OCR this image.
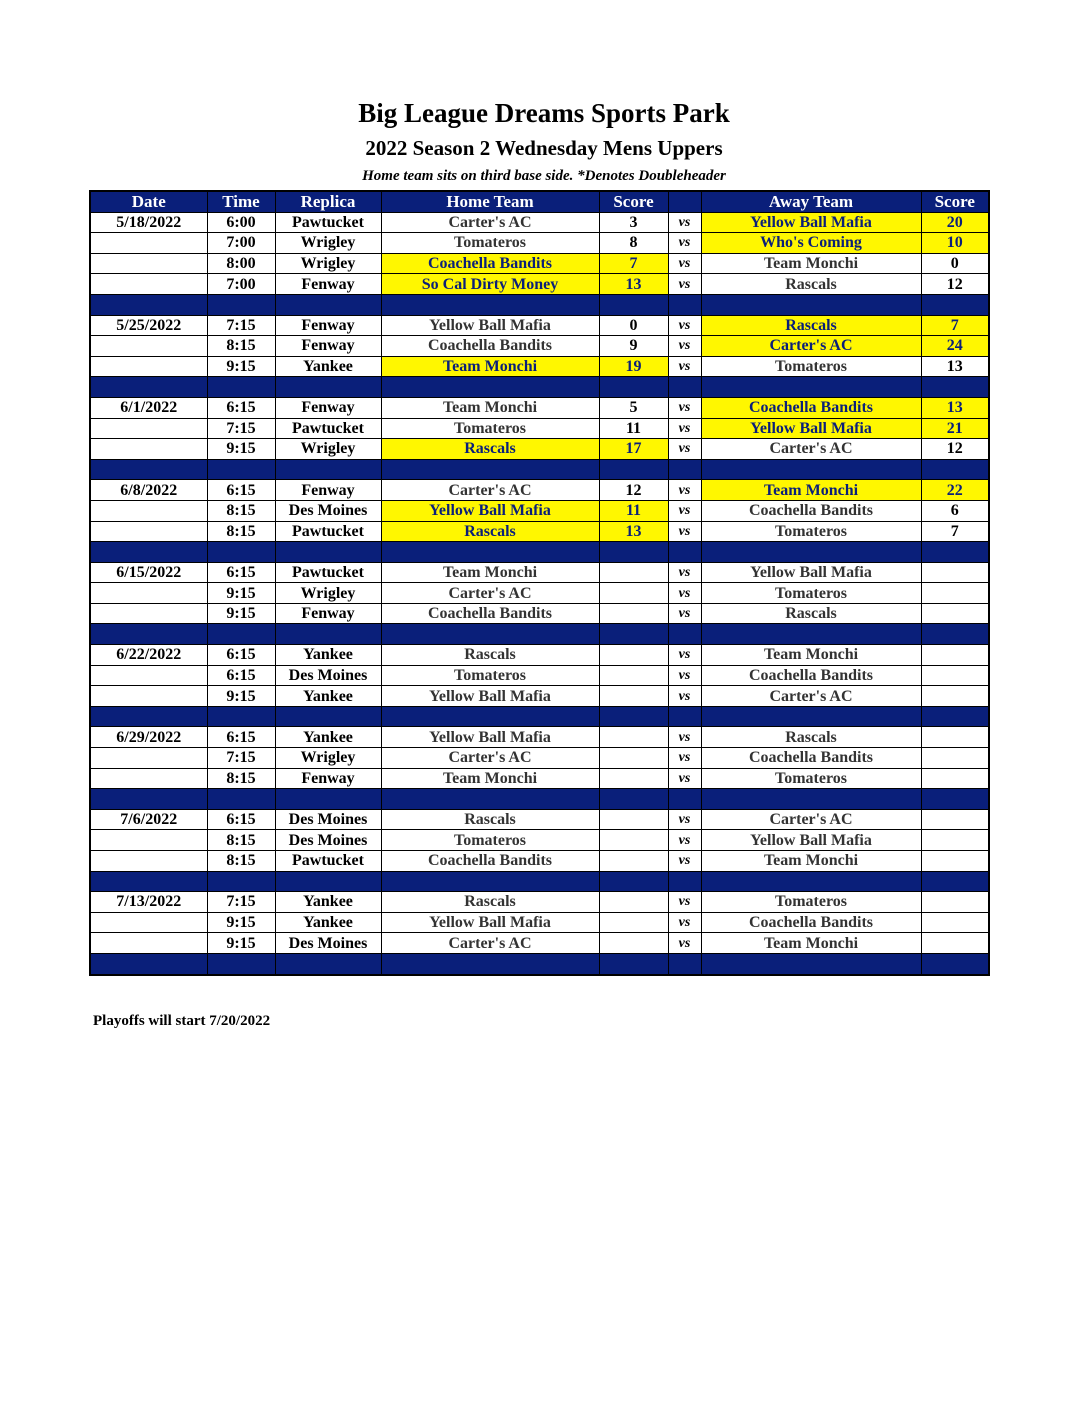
Big League Dreams Sports Park
2022 Season 2 Wednesday Mens Uppers
Home team sits on third base side. *Denotes Doubleheader
Date	Time	Replica	Home Team	Score		Away Team	Score
5/18/2022	6:00	Pawtucket	Carter's AC	3	vs	Yellow Ball Mafia	20
	7:00	Wrigley	Tomateros	8	vs	Who's Coming	10
	8:00	Wrigley	Coachella Bandits	7	vs	Team Monchi	0
	7:00	Fenway	So Cal Dirty Money	13	vs	Rascals	12

5/25/2022	7:15	Fenway	Yellow Ball Mafia	0	vs	Rascals	7
	8:15	Fenway	Coachella Bandits	9	vs	Carter's AC	24
	9:15	Yankee	Team Monchi	19	vs	Tomateros	13

6/1/2022	6:15	Fenway	Team Monchi	5	vs	Coachella Bandits	13
	7:15	Pawtucket	Tomateros	11	vs	Yellow Ball Mafia	21
	9:15	Wrigley	Rascals	17	vs	Carter's AC	12

6/8/2022	6:15	Fenway	Carter's AC	12	vs	Team Monchi	22
	8:15	Des Moines	Yellow Ball Mafia	11	vs	Coachella Bandits	6
	8:15	Pawtucket	Rascals	13	vs	Tomateros	7

6/15/2022	6:15	Pawtucket	Team Monchi		vs	Yellow Ball Mafia	
	9:15	Wrigley	Carter's AC		vs	Tomateros	
	9:15	Fenway	Coachella Bandits		vs	Rascals	

6/22/2022	6:15	Yankee	Rascals		vs	Team Monchi	
	6:15	Des Moines	Tomateros		vs	Coachella Bandits	
	9:15	Yankee	Yellow Ball Mafia		vs	Carter's AC	

6/29/2022	6:15	Yankee	Yellow Ball Mafia		vs	Rascals	
	7:15	Wrigley	Carter's AC		vs	Coachella Bandits	
	8:15	Fenway	Team Monchi		vs	Tomateros	

7/6/2022	6:15	Des Moines	Rascals		vs	Carter's AC	
	8:15	Des Moines	Tomateros		vs	Yellow Ball Mafia	
	8:15	Pawtucket	Coachella Bandits		vs	Team Monchi	

7/13/2022	7:15	Yankee	Rascals		vs	Tomateros	
	9:15	Yankee	Yellow Ball Mafia		vs	Coachella Bandits	
	9:15	Des Moines	Carter's AC		vs	Team Monchi	

Playoffs will start 7/20/2022
